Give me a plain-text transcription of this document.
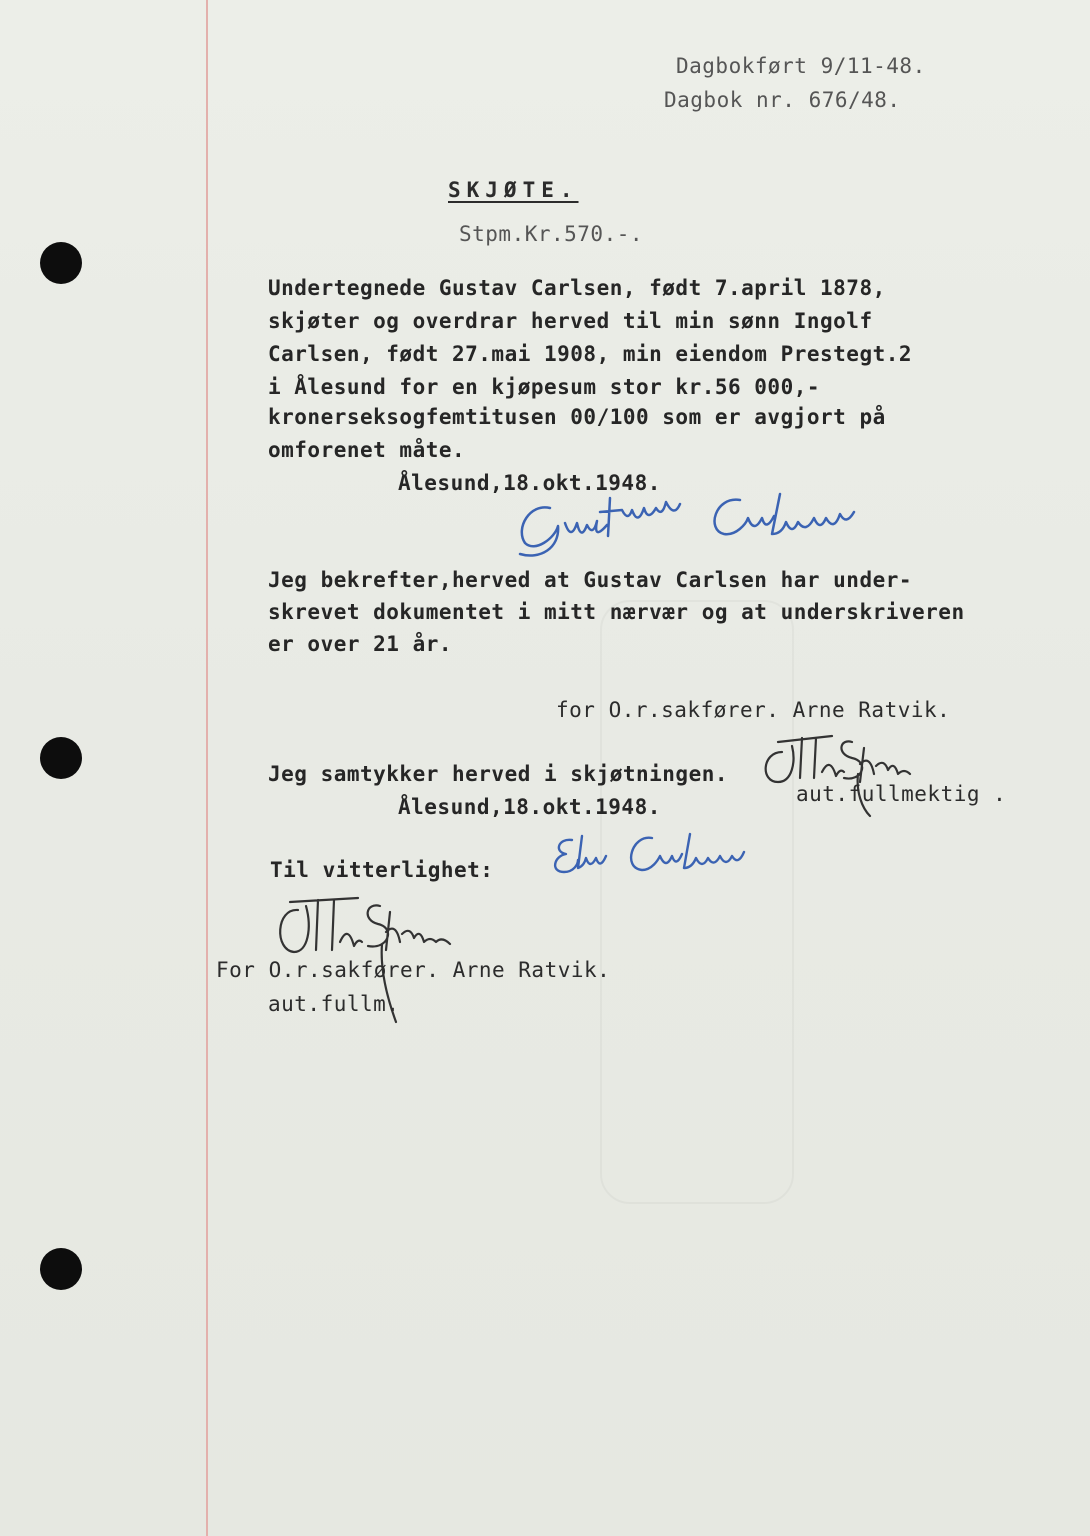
Dagbokført 9/11-48.
Dagbok nr. 676/48.
SKJØTE.
Stpm.Kr.570.-.
Undertegnede Gustav Carlsen, født 7.april 1878,
skjøter og overdrar herved til min sønn Ingolf
Carlsen, født 27.mai 1908, min eiendom Prestegt.2
i Ålesund for en kjøpesum stor kr.56 000,-
kronerseksogfemtitusen 00/100 som er avgjort på
omforenet måte.
Ålesund,18.okt.1948.
Jeg bekrefter,herved at Gustav Carlsen har under-
skrevet dokumentet i mitt nærvær og at underskriveren
er over 21 år.
for O.r.sakfører. Arne Ratvik.
Jeg samtykker herved i skjøtningen.
aut.fullmektig .
Ålesund,18.okt.1948.
Til vitterlighet:
For O.r.sakfører. Arne Ratvik.
aut.fullm.
